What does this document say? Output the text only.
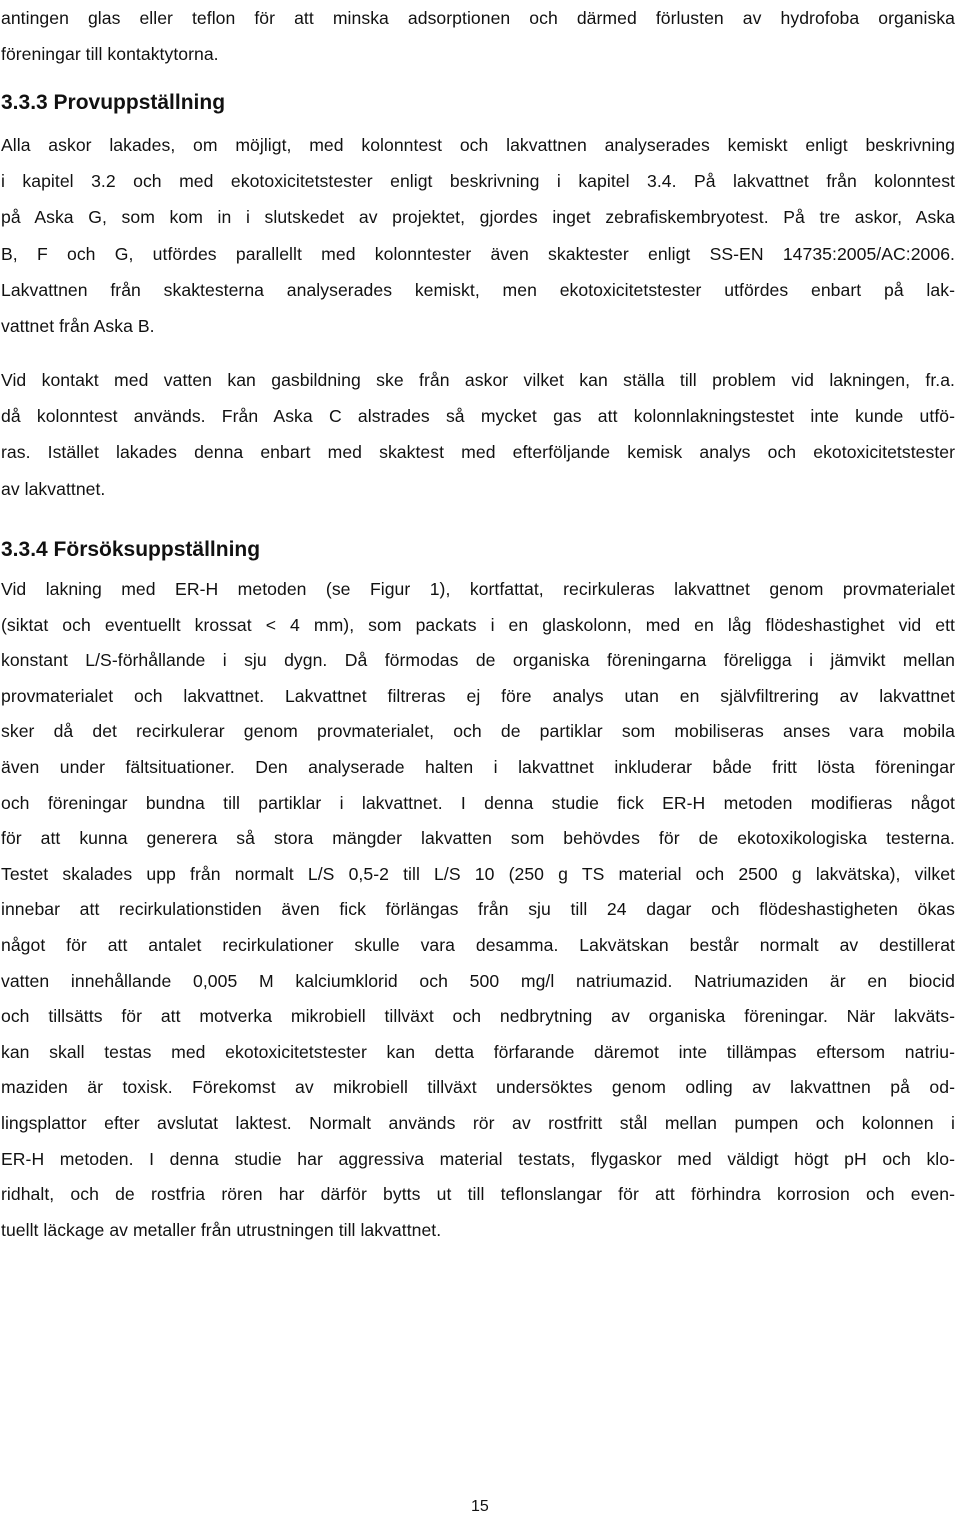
antingen glas eller teflon för att minska adsorptionen och därmed förlusten av hydrofoba organiska
föreningar till kontaktytorna.
3.3.3 Provuppställning
Alla askor lakades, om möjligt, med kolonntest och lakvattnen analyserades kemiskt enligt beskrivning
i kapitel 3.2 och med ekotoxicitetstester enligt beskrivning i kapitel 3.4. På lakvattnet från kolonntest
på Aska G, som kom in i slutskedet av projektet, gjordes inget zebrafiskembryotest. På tre askor, Aska
B, F och G, utfördes parallellt med kolonntester även skaktester enligt SS-EN 14735:2005/AC:2006.
Lakvattnen från skaktesterna analyserades kemiskt, men ekotoxicitetstester utfördes enbart på lak-
vattnet från Aska B.
Vid kontakt med vatten kan gasbildning ske från askor vilket kan ställa till problem vid lakningen, fr.a.
då kolonntest används. Från Aska C alstrades så mycket gas att kolonnlakningstestet inte kunde utfö-
ras. Istället lakades denna enbart med skaktest med efterföljande kemisk analys och ekotoxicitetstester
av lakvattnet.
3.3.4 Försöksuppställning
Vid lakning med ER-H metoden (se Figur 1), kortfattat, recirkuleras lakvattnet genom provmaterialet
(siktat och eventuellt krossat < 4 mm), som packats i en glaskolonn, med en låg flödeshastighet vid ett
konstant L/S-förhållande i sju dygn. Då förmodas de organiska föreningarna föreligga i jämvikt mellan
provmaterialet och lakvattnet. Lakvattnet filtreras ej före analys utan en självfiltrering av lakvattnet
sker då det recirkulerar genom provmaterialet, och de partiklar som mobiliseras anses vara mobila
även under fältsituationer. Den analyserade halten i lakvattnet inkluderar både fritt lösta föreningar
och föreningar bundna till partiklar i lakvattnet. I denna studie fick ER-H metoden modifieras något
för att kunna generera så stora mängder lakvatten som behövdes för de ekotoxikologiska testerna.
Testet skalades upp från normalt L/S 0,5-2 till L/S 10 (250 g TS material och 2500 g lakvätska), vilket
innebar att recirkulationstiden även fick förlängas från sju till 24 dagar och flödeshastigheten ökas
något för att antalet recirkulationer skulle vara desamma. Lakvätskan består normalt av destillerat
vatten innehållande 0,005 M kalciumklorid och 500 mg/l natriumazid. Natriumaziden är en biocid
och tillsätts för att motverka mikrobiell tillväxt och nedbrytning av organiska föreningar. När lakväts-
kan skall testas med ekotoxicitetstester kan detta förfarande däremot inte tillämpas eftersom natriu-
maziden är toxisk. Förekomst av mikrobiell tillväxt undersöktes genom odling av lakvattnen på od-
lingsplattor efter avslutat laktest. Normalt används rör av rostfritt stål mellan pumpen och kolonnen i
ER-H metoden. I denna studie har aggressiva material testats, flygaskor med väldigt högt pH och klo-
ridhalt, och de rostfria rören har därför bytts ut till teflonslangar för att förhindra korrosion och even-
tuellt läckage av metaller från utrustningen till lakvattnet.
15
